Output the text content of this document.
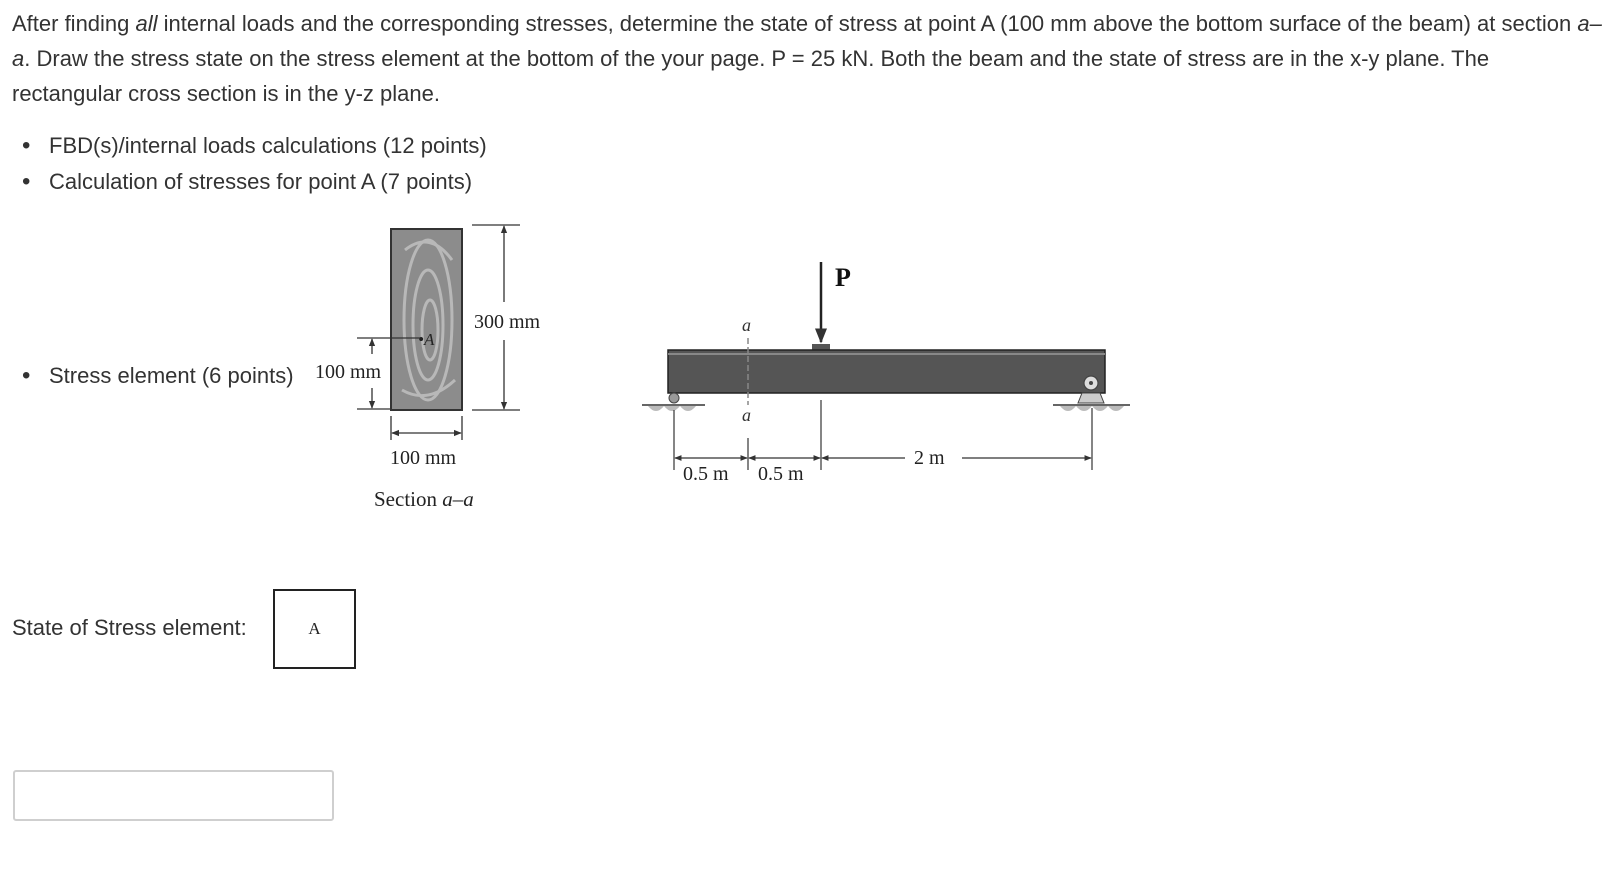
After finding all internal loads and the corresponding stresses, determine the state of stress at point A (100 mm above the bottom surface of the beam) at section a–a. Draw the stress state on the stress element at the bottom of the your page. P = 25 kN. Both the beam and the state of stress are in the x-y plane. The rectangular cross section is in the y-z plane.
• FBD(s)/internal loads calculations (12 points)
• Calculation of stresses for point A (7 points)
• Stress element (6 points)
•A
300 mm
100 mm
100 mm
Section a–a
P
a
a
0.5 m 0.5 m
2 m
State of Stress element:	A
